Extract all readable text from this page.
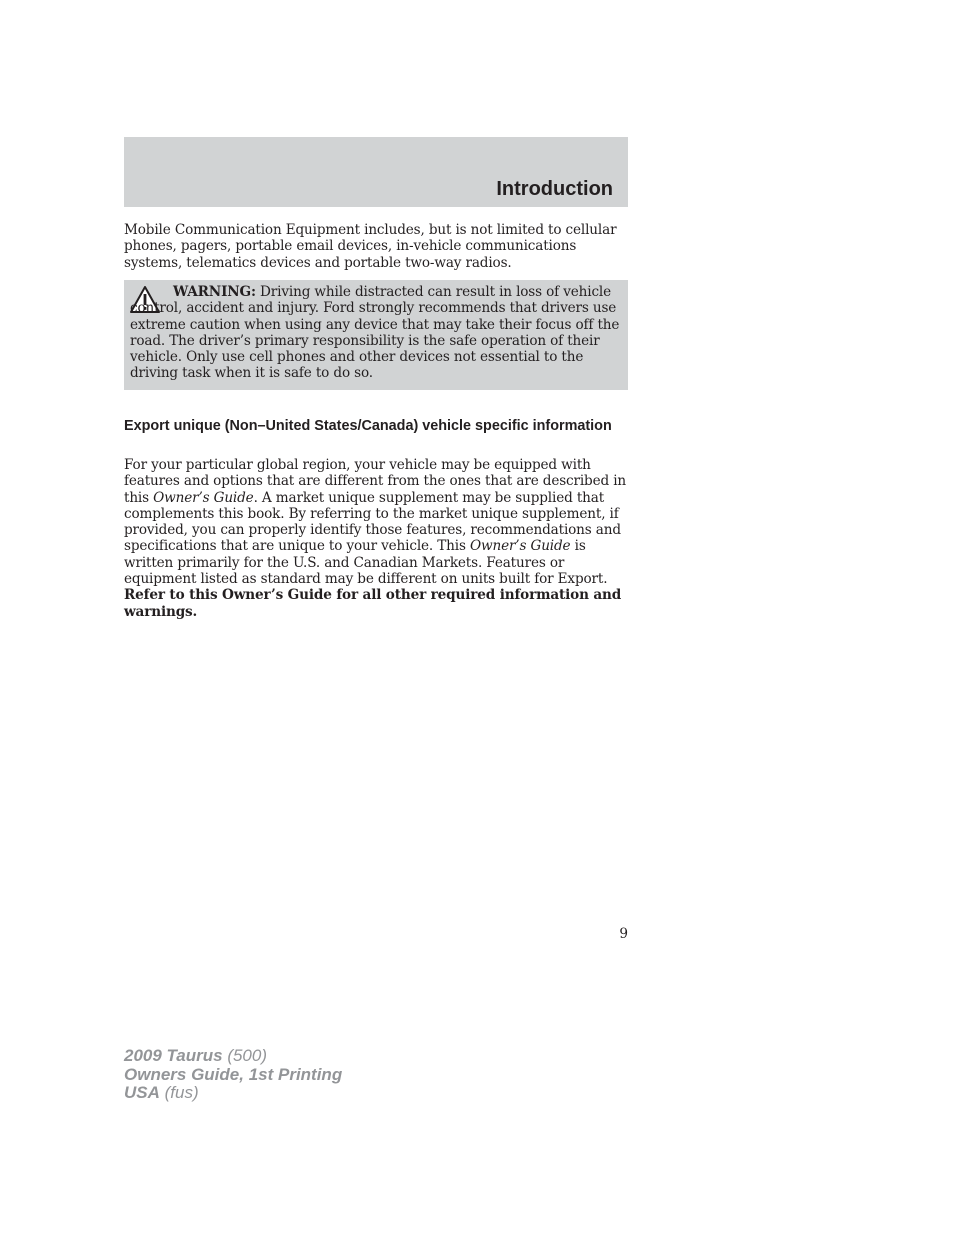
Introduction

Mobile Communication Equipment includes, but is not limited to cellular phones, pagers, portable email devices, in-vehicle communications systems, telematics devices and portable two-way radios.

WARNING: Driving while distracted can result in loss of vehicle control, accident and injury. Ford strongly recommends that drivers use extreme caution when using any device that may take their focus off the road. The driver’s primary responsibility is the safe operation of their vehicle. Only use cell phones and other devices not essential to the driving task when it is safe to do so.

Export unique (Non–United States/Canada) vehicle specific information

For your particular global region, your vehicle may be equipped with features and options that are different from the ones that are described in this Owner’s Guide. A market unique supplement may be supplied that complements this book. By referring to the market unique supplement, if provided, you can properly identify those features, recommendations and specifications that are unique to your vehicle. This Owner’s Guide is written primarily for the U.S. and Canadian Markets. Features or equipment listed as standard may be different on units built for Export. Refer to this Owner’s Guide for all other required information and warnings.

9
2009 Taurus (500)
Owners Guide, 1st Printing
USA (fus)
